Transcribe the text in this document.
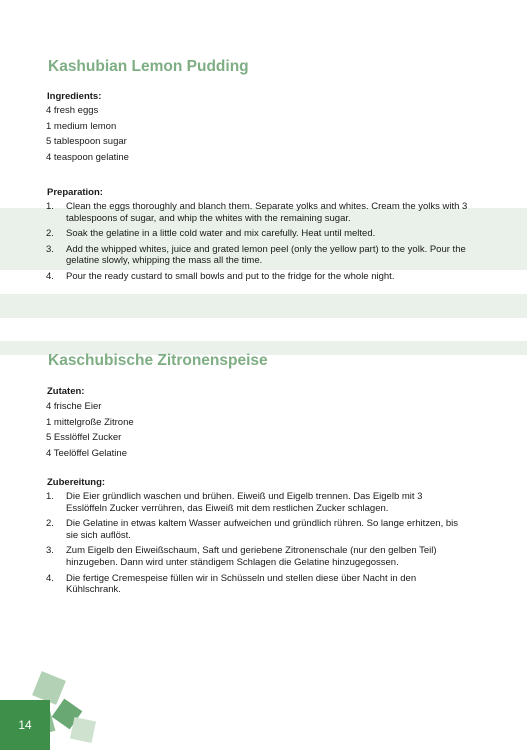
Kashubian Lemon Pudding
Ingredients:
4 fresh eggs
1 medium lemon
5 tablespoon sugar
4 teaspoon gelatine
Preparation:
1. Clean the eggs thoroughly and blanch them. Separate yolks and whites. Cream the yolks with 3 tablespoons of sugar, and whip the whites with the remaining sugar.
2. Soak the gelatine in a little cold water and mix carefully. Heat until melted.
3. Add the whipped whites, juice and grated lemon peel (only the yellow part) to the yolk. Pour the gelatine slowly, whipping the mass all the time.
4. Pour the ready custard to small bowls and put to the fridge for the whole night.
Kaschubische Zitronenspeise
Zutaten:
4 frische Eier
1 mittelgroße Zitrone
5 Esslöffel Zucker
4 Teelöffel Gelatine
Zubereitung:
1. Die Eier gründlich waschen und brühen. Eiweiß und Eigelb trennen. Das Eigelb mit 3 Esslöffeln Zucker verrühren, das Eiweiß mit dem restlichen Zucker schlagen.
2. Die Gelatine in etwas kaltem Wasser aufweichen und gründlich rühren. So lange erhitzen, bis sie sich auflöst.
3. Zum Eigelb den Eiweißschaum, Saft und geriebene Zitronenschale (nur den gelben Teil) hinzugeben. Dann wird unter ständigem Schlagen die Gelatine hinzugegossen.
4. Die fertige Cremespeise füllen wir in Schüsseln und stellen diese über Nacht in den Kühlschrank.
14
